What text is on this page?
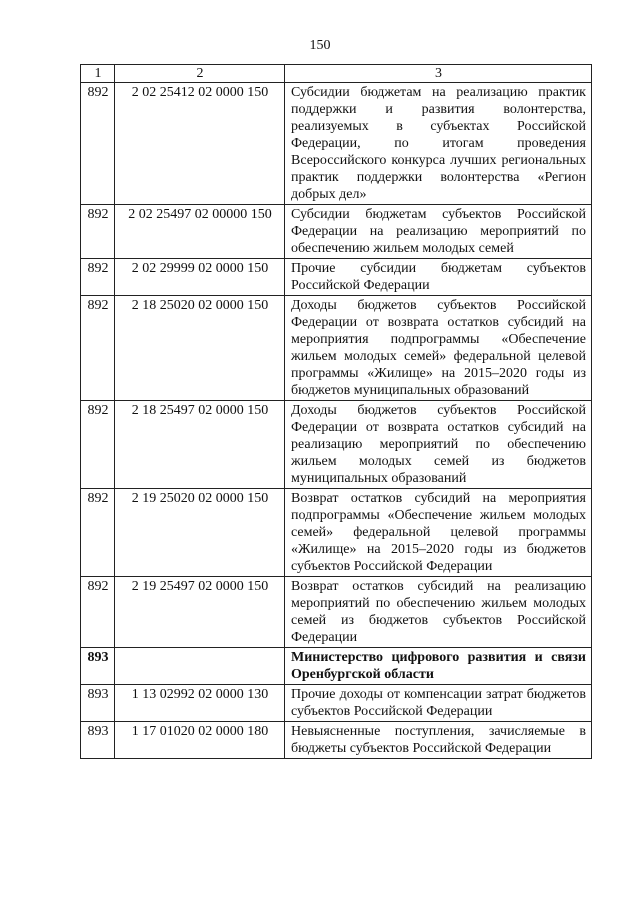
150
1	2	3
892	2 02 25412 02 0000 150	Субсидии бюджетам на реализацию практик поддержки и развития волонтерства, реализуемых в субъектах Российской Федерации, по итогам проведения Всероссийского конкурса лучших региональных практик поддержки волонтерства «Регион добрых дел»
892	2 02 25497 02 00000 150	Субсидии бюджетам субъектов Российской Федерации на реализацию мероприятий по обеспечению жильем молодых семей
892	2 02 29999 02 0000 150	Прочие субсидии бюджетам субъектов Российской Федерации
892	2 18 25020 02 0000 150	Доходы бюджетов субъектов Российской Федерации от возврата остатков субсидий на мероприятия подпрограммы «Обеспечение жильем молодых семей» федеральной целевой программы «Жилище» на 2015–2020 годы из бюджетов муниципальных образований
892	2 18 25497 02 0000 150	Доходы бюджетов субъектов Российской Федерации от возврата остатков субсидий на реализацию мероприятий по обеспечению жильем молодых семей из бюджетов муниципальных образований
892	2 19 25020 02 0000 150	Возврат остатков субсидий на мероприятия подпрограммы «Обеспечение жильем молодых семей» федеральной целевой программы «Жилище» на 2015–2020 годы из бюджетов субъектов Российской Федерации
892	2 19 25497 02 0000 150	Возврат остатков субсидий на реализацию мероприятий по обеспечению жильем молодых семей из бюджетов субъектов Российской Федерации
893		Министерство цифрового развития и связи Оренбургской области
893	1 13 02992 02 0000 130	Прочие доходы от компенсации затрат бюджетов субъектов Российской Федерации
893	1 17 01020 02 0000 180	Невыясненные поступления, зачисляемые в бюджеты субъектов Российской Федерации
